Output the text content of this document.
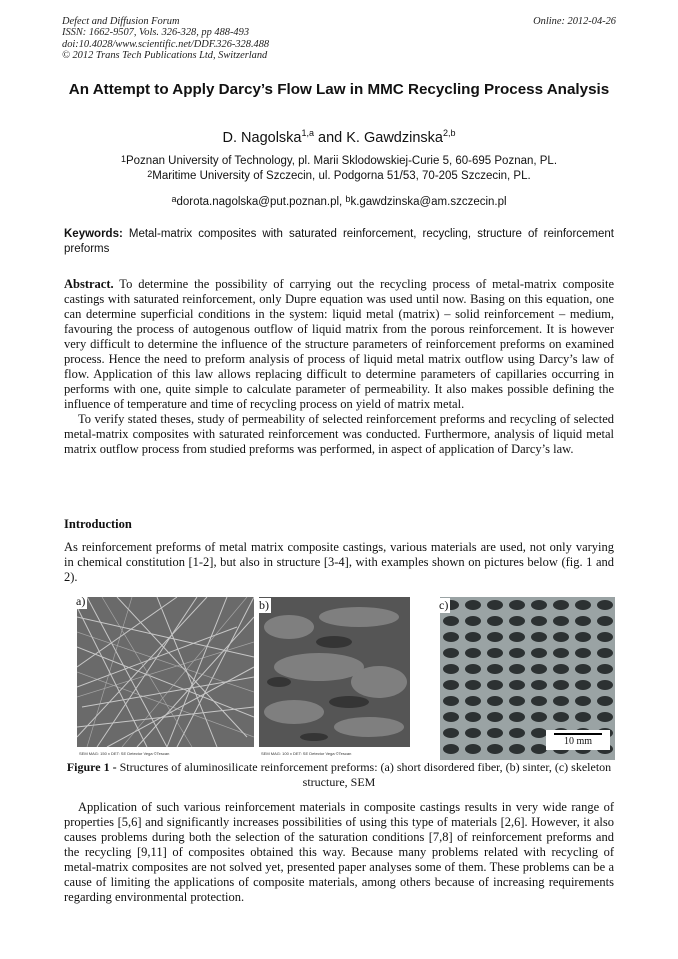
Defect and Diffusion Forum
ISSN: 1662-9507, Vols. 326-328, pp 488-493
doi:10.4028/www.scientific.net/DDF.326-328.488
© 2012 Trans Tech Publications Ltd, Switzerland
Online: 2012-04-26
An Attempt to Apply Darcy’s Flow Law in MMC Recycling Process Analysis
D. Nagolska$^{1,a}$ and K. Gawdzinska$^{2,b}$
$^1$Poznan University of Technology, pl. Marii Sklodowskiej-Curie 5, 60-695 Poznan, PL.
$^2$Maritime University of Szczecin, ul. Podgorna 51/53, 70-205 Szczecin, PL.
$^a$dorota.nagolska@put.poznan.pl, $^b$k.gawdzinska@am.szczecin.pl
Keywords: Metal-matrix composites with saturated reinforcement, recycling, structure of reinforcement preforms

Abstract. To determine the possibility of carrying out the recycling process of metal-matrix composite castings with saturated reinforcement, only Dupre equation was used until now. Basing on this equation, one can determine superficial conditions in the system: liquid metal (matrix) – solid reinforcement – medium, favouring the process of autogenous outflow of liquid matrix from the porous reinforcement. It is however very difficult to determine the influence of the structure parameters of reinforcement preforms on examined process. Hence the need to preform analysis of process of liquid metal matrix outflow using Darcy’s law of flow. Application of this law allows replacing difficult to determine parameters of capillaries occurring in performs with one, quite simple to calculate parameter of permeability. It also makes possible defining the influence of temperature and time of recycling process on yield of matrix metal.

To verify stated theses, study of permeability of selected reinforcement preforms and recycling of selected metal-matrix composites with saturated reinforcement was conducted. Furthermore, analysis of liquid metal matrix outflow process from studied preforms was performed, in aspect of application of Darcy’s law.

Introduction

As reinforcement preforms of metal matrix composite castings, various materials are used, not only varying in chemical constitution [1-2], but also in structure [3-4], with examples shown on pictures below (fig. 1 and 2).

SEM MAG: 150 x DET: SE Detector Vega ©Tescan	SEM MAG: 100 x DET: SE Detector Vega ©Tescan
a)	b)	c)
10 mm
Figure 1 - Structures of aluminosilicate reinforcement preforms: (a) short disordered fiber, (b) sinter, (c) skeleton structure, SEM

Application of such various reinforcement materials in composite castings results in very wide range of properties [5,6] and significantly increases possibilities of using this type of materials [2,6]. However, it also causes problems during both the selection of the saturation conditions [7,8] of reinforcement preforms and the recycling [9,11] of composites obtained this way. Because many problems related with recycling of metal-matrix composites are not solved yet, presented paper analyses some of them. These problems can be a cause of limiting the applications of composite materials, among others because of increasing requirements regarding environmental protection.
